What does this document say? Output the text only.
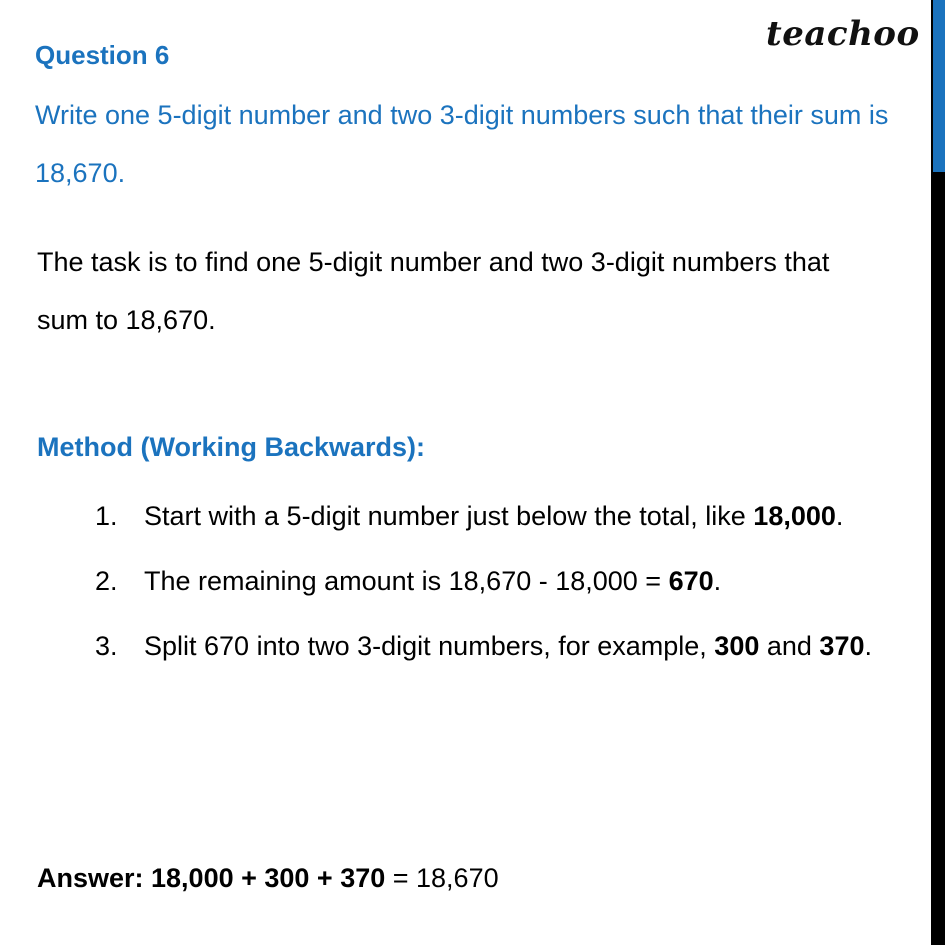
teachoo
Question 6
Write one 5-digit number and two 3-digit numbers such that their sum is 18,670.
The task is to find one 5-digit number and two 3-digit numbers that sum to 18,670.
Method (Working Backwards):
1. Start with a 5-digit number just below the total, like 18,000.
2. The remaining amount is 18,670 - 18,000 = 670.
3. Split 670 into two 3-digit numbers, for example, 300 and 370.
Answer: 18,000 + 300 + 370 = 18,670
